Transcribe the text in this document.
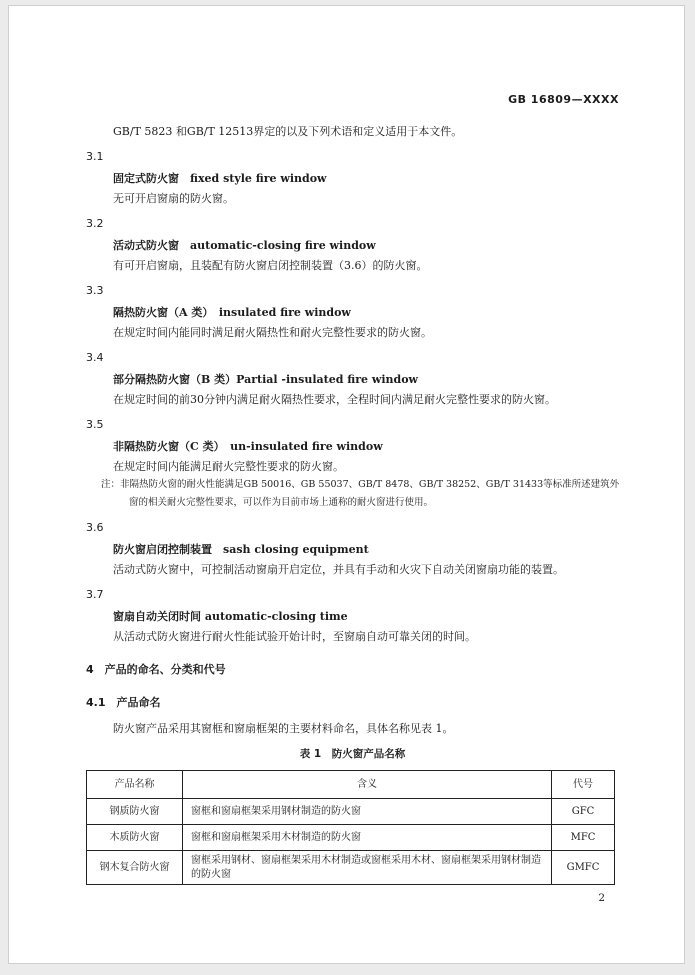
GB 16809—XXXX
GB/T 5823 和GB/T 12513界定的以及下列术语和定义适用于本文件。
3.1
固定式防火窗　fixed style fire window
无可开启窗扇的防火窗。
3.2
活动式防火窗　automatic-closing fire window
有可开启窗扇，且装配有防火窗启闭控制装置（3.6）的防火窗。
3.3
隔热防火窗（A 类）　insulated fire window
在规定时间内能同时满足耐火隔热性和耐火完整性要求的防火窗。
3.4
部分隔热防火窗（B 类）Partial -insulated fire window
在规定时间的前30分钟内满足耐火隔热性要求，全程时间内满足耐火完整性要求的防火窗。
3.5
非隔热防火窗（C 类）　un-insulated fire window
在规定时间内能满足耐火完整性要求的防火窗。
注：非隔热防火窗的耐火性能满足GB 50016、GB 55037、GB/T 8478、GB/T 38252、GB/T 31433等标准所述建筑外
窗的相关耐火完整性要求，可以作为目前市场上通称的耐火窗进行使用。
3.6
防火窗启闭控制装置　sash closing equipment
活动式防火窗中，可控制活动窗扇开启定位，并具有手动和火灾下自动关闭窗扇功能的装置。
3.7
窗扇自动关闭时间 automatic-closing time
从活动式防火窗进行耐火性能试验开始计时，至窗扇自动可靠关闭的时间。
4　产品的命名、分类和代号
4.1　产品命名
防火窗产品采用其窗框和窗扇框架的主要材料命名，具体名称见表 1。
表 1　防火窗产品名称
产品名称	含义	代号
钢质防火窗	窗框和窗扇框架采用钢材制造的防火窗	GFC
木质防火窗	窗框和窗扇框架采用木材制造的防火窗	MFC
钢木复合防火窗	窗框采用钢材、窗扇框架采用木材制造或窗框采用木材、窗扇框架采用钢材制造的防火窗	GMFC
2
